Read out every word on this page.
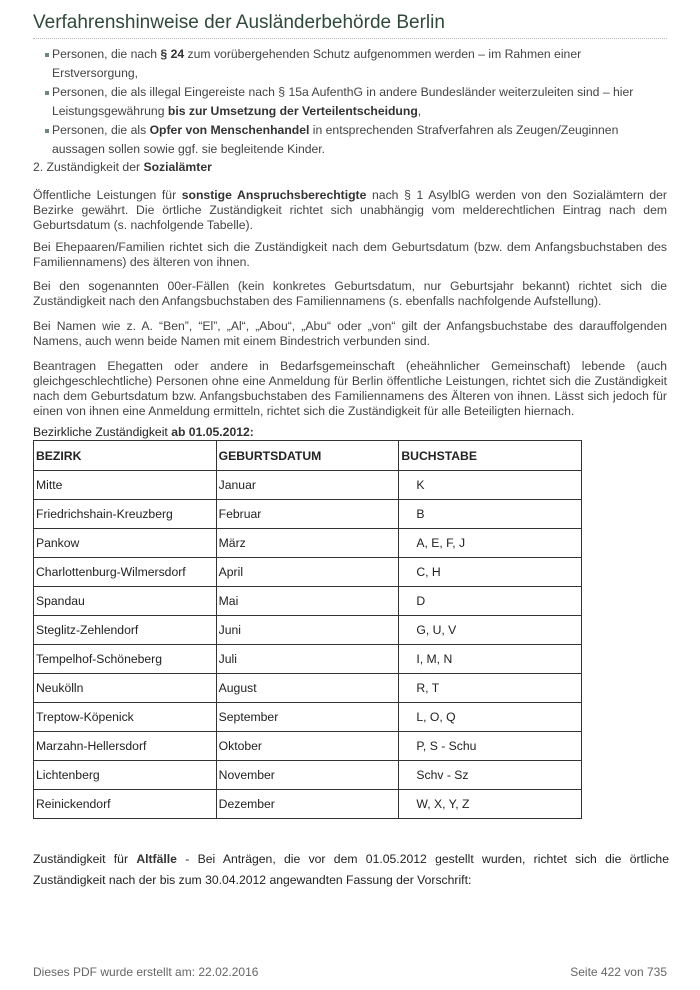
Verfahrenshinweise der Ausländerbehörde Berlin
Personen, die nach § 24 zum vorübergehenden Schutz aufgenommen werden – im Rahmen einer Erstversorgung,
Personen, die als illegal Eingereiste nach § 15a AufenthG in andere Bundesländer weiterzuleiten sind – hier Leistungsgewährung bis zur Umsetzung der Verteilentscheidung,
Personen, die als Opfer von Menschenhandel in entsprechenden Strafverfahren als Zeugen/Zeuginnen aussagen sollen sowie ggf. sie begleitende Kinder.

2. Zuständigkeit der Sozialämter

Öffentliche Leistungen für sonstige Anspruchsberechtigte nach § 1 AsylblG werden von den Sozialämtern der Bezirke gewährt. Die örtliche Zuständigkeit richtet sich unabhängig vom melderechtlichen Eintrag nach dem Geburtsdatum (s. nachfolgende Tabelle).

Bei Ehepaaren/Familien richtet sich die Zuständigkeit nach dem Geburtsdatum (bzw. dem Anfangsbuchstaben des Familiennamens) des älteren von ihnen.

Bei den sogenannten 00er-Fällen (kein konkretes Geburtsdatum, nur Geburtsjahr bekannt) richtet sich die Zuständigkeit nach den Anfangsbuchstaben des Familiennamens (s. ebenfalls nachfolgende Aufstellung).

Bei Namen wie z. A. “Ben”, “El”, „Al“, „Abou“, „Abu“ oder „von“ gilt der Anfangsbuchstabe des darauffolgenden Namens, auch wenn beide Namen mit einem Bindestrich verbunden sind.

Beantragen Ehegatten oder andere in Bedarfsgemeinschaft (eheähnlicher Gemeinschaft) lebende (auch gleichgeschlechtliche) Personen ohne eine Anmeldung für Berlin öffentliche Leistungen, richtet sich die Zuständigkeit nach dem Geburtsdatum bzw. Anfangsbuchstaben des Familiennamens des Älteren von ihnen. Lässt sich jedoch für einen von ihnen eine Anmeldung ermitteln, richtet sich die Zuständigkeit für alle Beteiligten hiernach.

Bezirkliche Zuständigkeit ab 01.05.2012:

BEZIRK	GEBURTSDATUM	BUCHSTABE
Mitte	Januar	K
Friedrichshain-Kreuzberg	Februar	B
Pankow	März	A, E, F, J
Charlottenburg-Wilmersdorf	April	C, H
Spandau	Mai	D
Steglitz-Zehlendorf	Juni	G, U, V
Tempelhof-Schöneberg	Juli	I, M, N
Neukölln	August	R, T
Treptow-Köpenick	September	L, O, Q
Marzahn-Hellersdorf	Oktober	P, S - Schu
Lichtenberg	November	Schv - Sz
Reinickendorf	Dezember	W, X, Y, Z

Zuständigkeit für Altfälle - Bei Anträgen, die vor dem 01.05.2012 gestellt wurden, richtet sich die örtliche Zuständigkeit nach der bis zum 30.04.2012 angewandten Fassung der Vorschrift:

Dieses PDF wurde erstellt am: 22.02.2016	Seite 422 von 735
